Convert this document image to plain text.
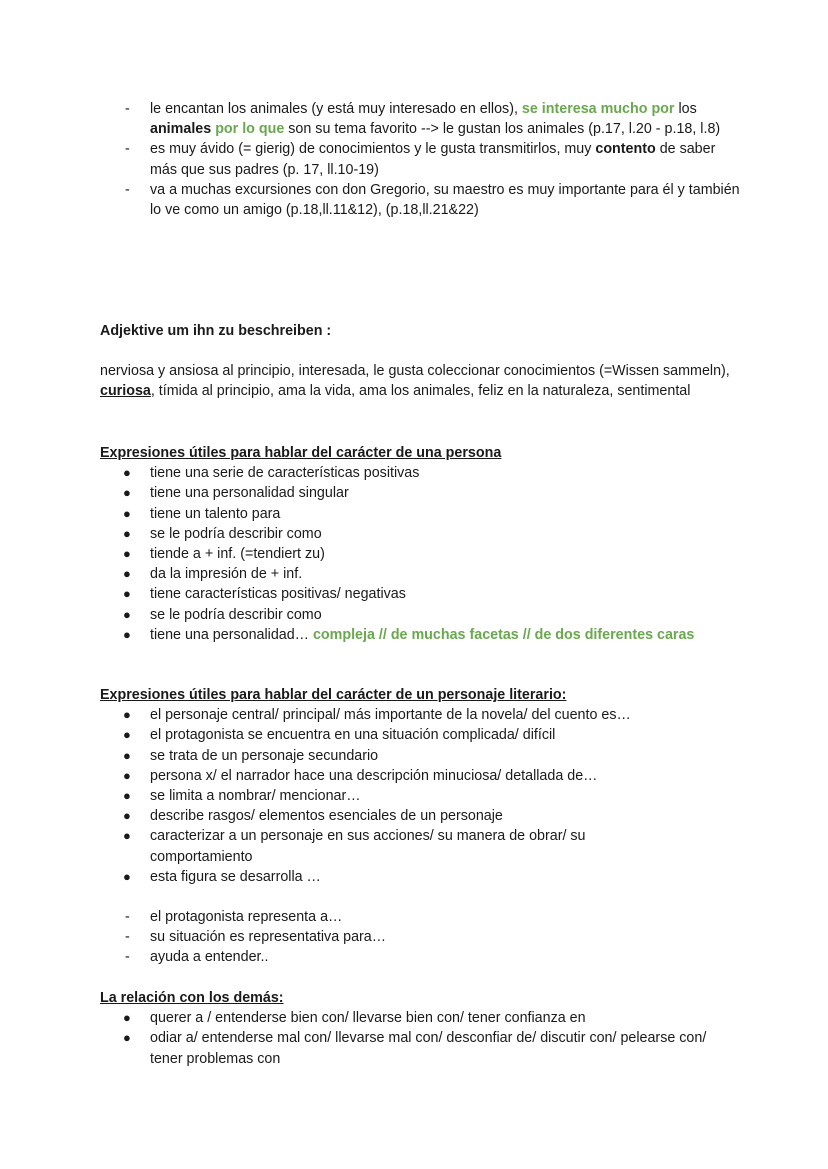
-	le encantan los animales (y está muy interesado en ellos), se interesa mucho por los animales por lo que son su tema favorito --> le gustan los animales (p.17, l.20 - p.18, l.8)
-	es muy ávido (= gierig) de conocimientos y le gusta transmitirlos, muy contento de saber más que sus padres (p. 17, ll.10-19)
-	va a muchas excursiones con don Gregorio, su maestro es muy importante para él y también lo ve como un amigo (p.18,ll.11&12), (p.18,ll.21&22)

Adjektive um ihn zu beschreiben :

nerviosa y ansiosa al principio, interesada, le gusta coleccionar conocimientos (=Wissen sammeln), curiosa, tímida al principio, ama la vida, ama los animales, feliz en la naturaleza, sentimental

Expresiones útiles para hablar del carácter de una persona

●	tiene una serie de características positivas
●	tiene una personalidad singular
●	tiene un talento para
●	se le podría describir como
●	tiende a + inf. (=tendiert zu)
●	da la impresión de + inf.
●	tiene características positivas/ negativas
●	se le podría describir como
●	tiene una personalidad… compleja // de muchas facetas // de dos diferentes caras

Expresiones útiles para hablar del carácter de un personaje literario:

●	el personaje central/ principal/ más importante de la novela/ del cuento es…
●	el protagonista se encuentra en una situación complicada/ difícil
●	se trata de un personaje secundario
●	persona x/ el narrador hace una descripción minuciosa/ detallada de…
●	se limita a nombrar/ mencionar…
●	describe rasgos/ elementos esenciales de un personaje
●	caracterizar a un personaje en sus acciones/ su manera de obrar/ su comportamiento
●	esta figura se desarrolla …
-	el protagonista representa a…
-	su situación es representativa para…
-	ayuda a entender..

La relación con los demás:

●	querer a / entenderse bien con/ llevarse bien con/ tener confianza en
●	odiar a/ entenderse mal con/ llevarse mal con/ desconfiar de/ discutir con/ pelearse con/ tener problemas con
